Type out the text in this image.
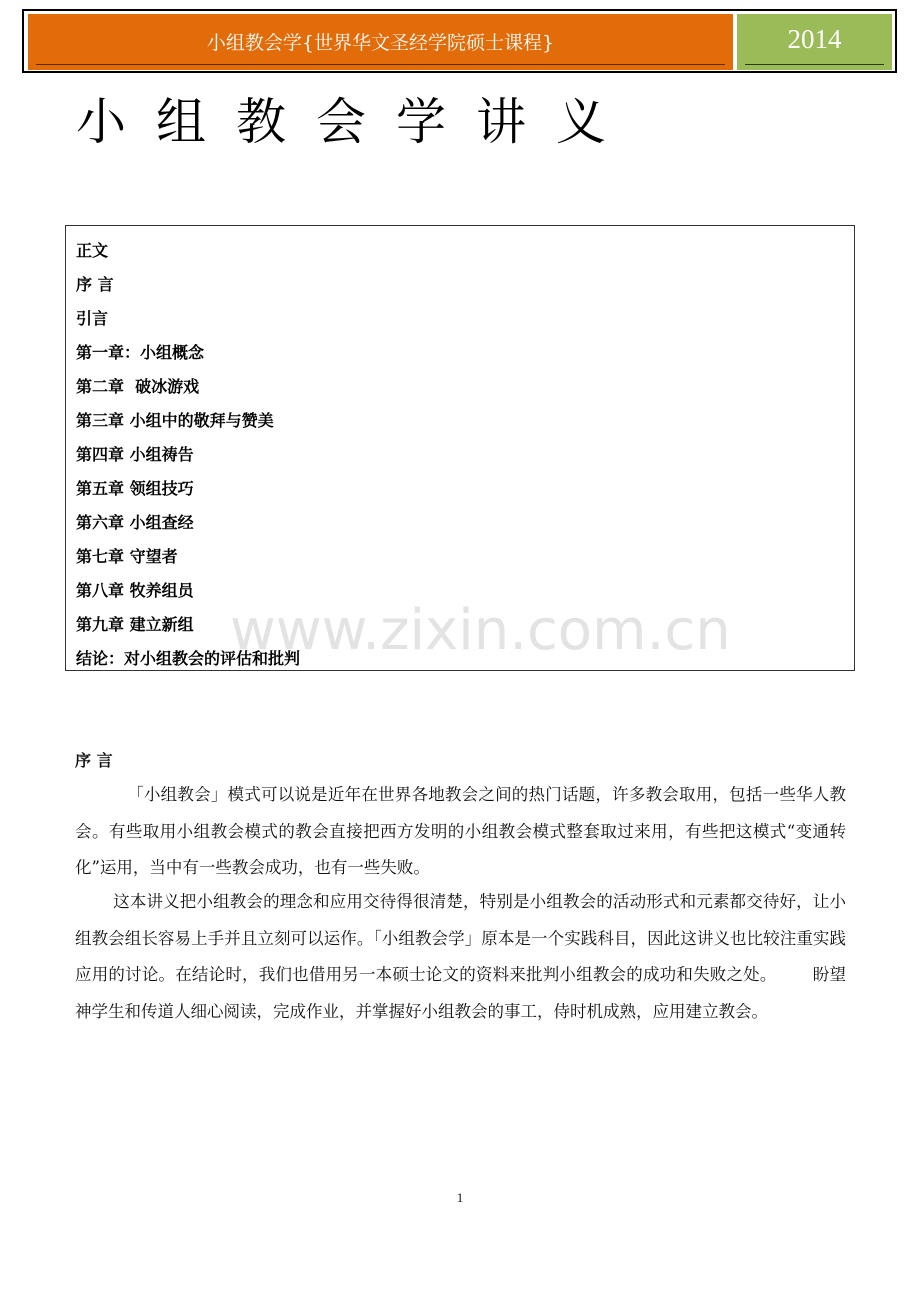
小组教会学{世界华文圣经学院硕士课程}	2014
小组教会学讲义
正文
序 言
引言
第一章：小组概念
第二章  破冰游戏
第三章 小组中的敬拜与赞美
第四章 小组祷告
第五章 领组技巧
第六章 小组查经
第七章 守望者
第八章 牧养组员
第九章 建立新组
结论：对小组教会的评估和批判
www.zixin.com.cn
序 言
「小组教会」模式可以说是近年在世界各地教会之间的热门话题，许多教会取用，包括一些华人教会。有些取用小组教会模式的教会直接把西方发明的小组教会模式整套取过来用，有些把这模式“变通转化”运用，当中有一些教会成功，也有一些失败。
这本讲义把小组教会的理念和应用交待得很清楚，特别是小组教会的活动形式和元素都交待好，让小组教会组长容易上手并且立刻可以运作。「小组教会学」原本是一个实践科目，因此这讲义也比较注重实践应用的讨论。在结论时，我们也借用另一本硕士论文的资料来批判小组教会的成功和失败之处。 盼望神学生和传道人细心阅读，完成作业，并掌握好小组教会的事工，侍时机成熟，应用建立教会。
1
